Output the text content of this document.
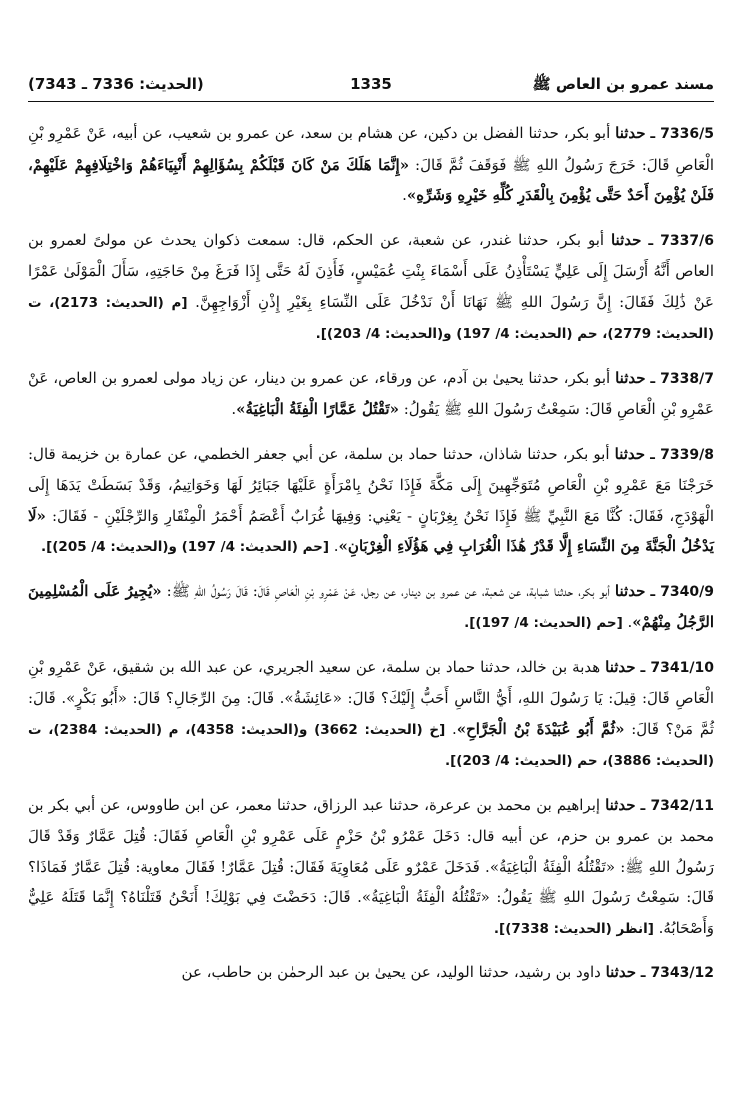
(الحديث: 7336 ـ 7343)	1335	مسند عمرو بن العاص ﷺ
7336/5 ـ حدثنا أبو بكر، حدثنا الفضل بن دكين، عن هشام بن سعد، عن عمرو بن شعيب، عن أبيه، عَنْ عَمْرِو بْنِ الْعَاصِ قَالَ: خَرَجَ رَسُولُ اللهِ ﷺ فَوَقَفَ ثُمَّ قَالَ: «إِنَّمَا هَلَكَ مَنْ كَانَ قَبْلَكُمْ بِسُؤَالِهِمْ أَنْبِيَاءَهُمْ وَاخْتِلَافِهِمْ عَلَيْهِمْ، فَلَنْ يُؤْمِنَ أَحَدٌ حَتَّى يُؤْمِنَ بِالْقَدَرِ كُلِّهِ خَيْرِهِ وَشَرِّهِ».
7337/6 ـ حدثنا أبو بكر، حدثنا غندر، عن شعبة، عن الحكم، قال: سمعت ذكوان يحدث عن مولىً لعمرو بن العاص أَنَّهُ أَرْسَلَ إِلَى عَلِيٍّ يَسْتَأْذِنُ عَلَى أَسْمَاءَ بِنْتِ عُمَيْسٍ، فَأَذِنَ لَهُ حَتَّى إِذَا فَرَغَ مِنْ حَاجَتِهِ، سَأَلَ الْمَوْلَىٰ عَمْرًا عَنْ ذَٰلِكَ فَقَالَ: إِنَّ رَسُولَ اللهِ ﷺ نَهَانَا أَنْ نَدْخُلَ عَلَى النِّسَاءِ بِغَيْرِ إِذْنِ أَزْوَاجِهِنَّ. [م (الحديث: 2173)، ت (الحديث: 2779)، حم (الحديث: 4/ 197) و(الحديث: 4/ 203)].
7338/7 ـ حدثنا أبو بكر، حدثنا يحيىٰ بن آدم، عن ورقاء، عن عمرو بن دينار، عن زياد مولى لعمرو بن العاص، عَنْ عَمْرِو بْنِ الْعَاصِ قَالَ: سَمِعْتُ رَسُولَ اللهِ ﷺ يَقُولُ: «تَقْتُلُ عَمَّارًا الْفِئَةُ الْبَاغِيَةُ».
7339/8 ـ حدثنا أبو بكر، حدثنا شاذان، حدثنا حماد بن سلمة، عن أبي جعفر الخطمي، عن عمارة بن خزيمة قال: خَرَجْنَا مَعَ عَمْرِو بْنِ الْعَاصِ مُتَوَجِّهِينَ إِلَى مَكَّةَ فَإِذَا نَحْنُ بِامْرَأَةٍ عَلَيْهَا جَبَائِرُ لَهَا وَخَوَاتِيمُ، وَقَدْ بَسَطَتْ يَدَهَا إِلَى الْهَوْدَجِ، فَقَالَ: كُنَّا مَعَ النَّبِيِّ ﷺ فَإِذَا نَحْنُ بِغِرْبَانٍ - يَعْنِي: وَفِيهَا غُرَابٌ أَعْصَمُ أَحْمَرُ الْمِنْقَارِ وَالرِّجْلَيْنِ - فَقَالَ: «لَا يَدْخُلُ الْجَنَّةَ مِنَ النِّسَاءِ إِلَّا قَدْرُ هَٰذَا الْغُرَابِ فِي هَؤُلَاءِ الْغِرْبَانِ». [حم (الحديث: 4/ 197) و(الحديث: 4/ 205)].
7340/9 ـ حدثنا أبو بكر، حدثنا شبابة، عن شعبة، عن عمرو بن دينار، عن رجل، عَنْ عَمْرِو بْنِ الْعَاصِ قَالَ: قَالَ رَسُولُ اللهِ ﷺ: «يُجِيرُ عَلَى الْمُسْلِمِينَ الرَّجُلُ مِنْهُمْ». [حم (الحديث: 4/ 197)].
7341/10 ـ حدثنا هدبة بن خالد، حدثنا حماد بن سلمة، عن سعيد الجريري، عن عبد الله بن شقيق، عَنْ عَمْرِو بْنِ الْعَاصِ قَالَ: قِيلَ: يَا رَسُولَ اللهِ، أَيُّ النَّاسِ أَحَبُّ إِلَيْكَ؟ قَالَ: «عَائِشَةُ». قَالَ: مِنَ الرِّجَالِ؟ قَالَ: «أَبُو بَكْرٍ». قَالَ: ثُمَّ مَنْ؟ قَالَ: «ثُمَّ أَبُو عُبَيْدَةَ بْنُ الْجَرَّاحِ». [خ (الحديث: 3662) و(الحديث: 4358)، م (الحديث: 2384)، ت (الحديث: 3886)، حم (الحديث: 4/ 203)].
7342/11 ـ حدثنا إبراهيم بن محمد بن عرعرة، حدثنا عبد الرزاق، حدثنا معمر، عن ابن طاووس، عن أبي بكر بن محمد بن عمرو بن حزم، عن أبيه قال: دَخَلَ عَمْرُو بْنُ حَزْمٍ عَلَى عَمْرِو بْنِ الْعَاصِ فَقَالَ: قُتِلَ عَمَّارٌ وَقَدْ قَالَ رَسُولُ اللهِ ﷺ: «تَقْتُلُهُ الْفِئَةُ الْبَاغِيَةُ». فَدَخَلَ عَمْرٌو عَلَى مُعَاوِيَةَ فَقَالَ: قُتِلَ عَمَّارٌ! فَقَالَ معاوية: قُتِلَ عَمَّارٌ فَمَاذَا؟ قَالَ: سَمِعْتُ رَسُولَ اللهِ ﷺ يَقُولُ: «تَقْتُلُهُ الْفِئَةُ الْبَاغِيَةُ». قَالَ: دَحَضْتَ فِي بَوْلِكَ! أَنَحْنُ قَتَلْنَاهُ؟ إِنَّمَا قَتَلَهُ عَلِيٌّ وَأَصْحَابُهُ. [انظر (الحديث: 7338)].
7343/12 ـ حدثنا داود بن رشيد، حدثنا الوليد، عن يحيىٰ بن عبد الرحمٰن بن حاطب، عن
